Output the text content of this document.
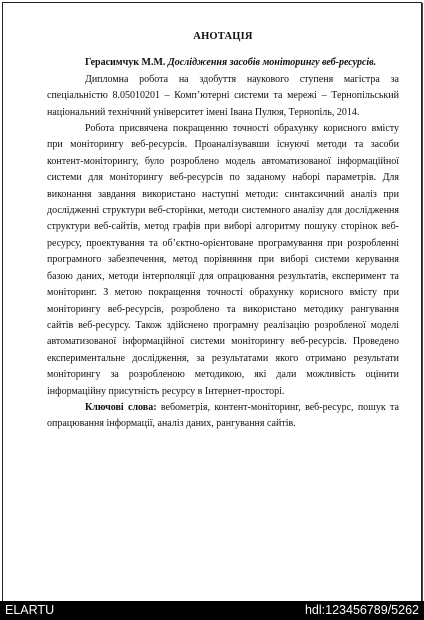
АНОТАЦІЯ

Герасимчук М.М. Дослідження засобів моніторингу веб-ресурсів.

Дипломна робота на здобуття наукового ступеня магістра за спеціальністю 8.05010201 – Комп’ютерні системи та мережі – Тернопільський національний технічний університет імені Івана Пулюя, Тернопіль, 2014.

Робота присвячена покращенню точності обрахунку корисного вмісту при моніторингу веб-ресурсів. Проаналізувавши існуючі методи та засоби контент-моніторингу, було розроблено модель автоматизованої інформаційної системи для моніторингу веб-ресурсів по заданому наборі параметрів. Для виконання завдання використано наступні методи: синтаксичний аналіз при дослідженні структури веб-сторінки, методи системного аналізу для дослідження структури веб-сайтів, метод графів при виборі алгоритму пошуку сторінок веб-ресурсу, проектування та об’єктно-орієнтоване програмування при розробленні програмного забезпечення, метод порівняння при виборі системи керування базою даних, методи інтерполяції для опрацювання результатів, експеримент та моніторинг. З метою покращення точності обрахунку корисного вмісту при моніторингу веб-ресурсів, розроблено та використано методику рангування сайтів веб-ресурсу. Також здійснено програмну реалізацію розробленої моделі автоматизованої інформаційної системи моніторингу веб-ресурсів. Проведено експериментальне дослідження, за результатами якого отримано результати моніторингу за розробленою методикою, які дали можливість оцінити інформаційну присутність ресурсу в Інтернет-просторі.

Ключові слова: вебометрія, контент-моніторинг, веб-ресурс, пошук та опрацювання інформації, аналіз даних, рангування сайтів.

ELARTU	hdl:123456789/5262
